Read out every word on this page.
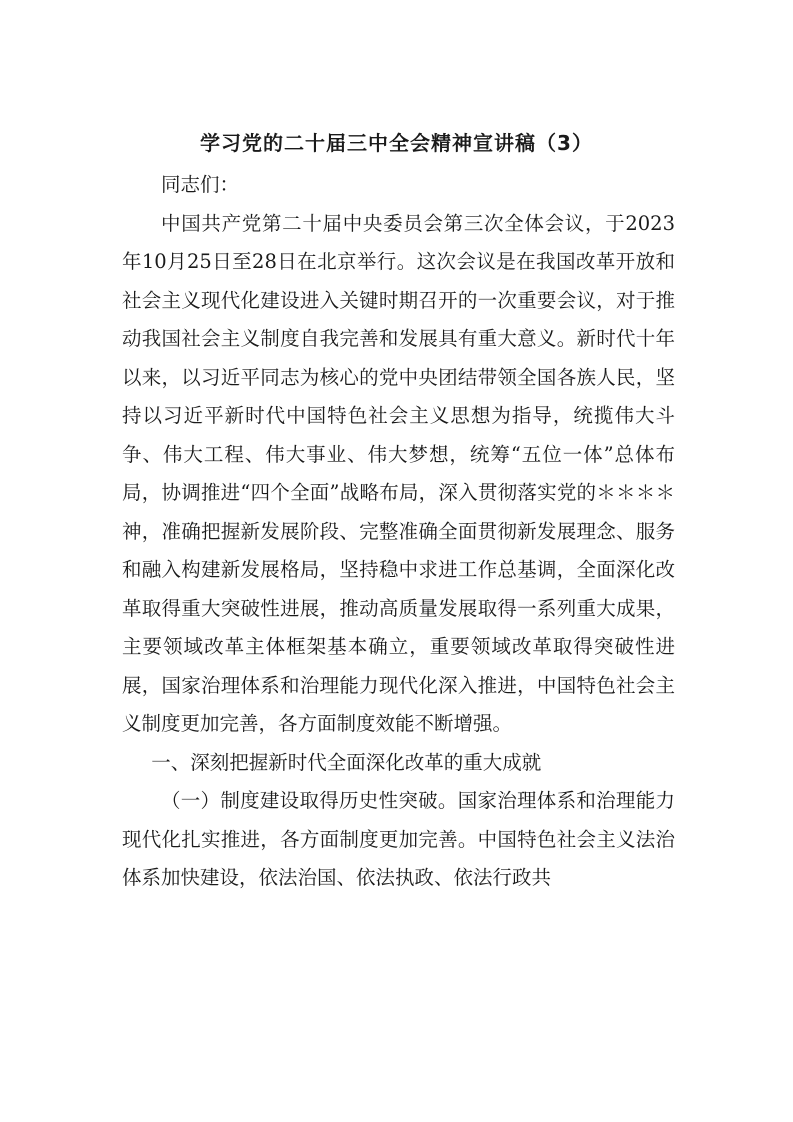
学习党的二十届三中全会精神宣讲稿（3）

同志们：

中国共产党第二十届中央委员会第三次全体会议，于2023年10月25日至28日在北京举行。这次会议是在我国改革开放和社会主义现代化建设进入关键时期召开的一次重要会议，对于推动我国社会主义制度自我完善和发展具有重大意义。新时代十年以来，以习近平同志为核心的党中央团结带领全国各族人民，坚持以习近平新时代中国特色社会主义思想为指导，统揽伟大斗争、伟大工程、伟大事业、伟大梦想，统筹“五位一体”总体布局，协调推进“四个全面”战略布局，深入贯彻落实党的＊＊＊＊神，准确把握新发展阶段、完整准确全面贯彻新发展理念、服务和融入构建新发展格局，坚持稳中求进工作总基调，全面深化改革取得重大突破性进展，推动高质量发展取得一系列重大成果，主要领域改革主体框架基本确立，重要领域改革取得突破性进展，国家治理体系和治理能力现代化深入推进，中国特色社会主义制度更加完善，各方面制度效能不断增强。

一、深刻把握新时代全面深化改革的重大成就

（一）制度建设取得历史性突破。国家治理体系和治理能力现代化扎实推进，各方面制度更加完善。中国特色社会主义法治体系加快建设，依法治国、依法执政、依法行政共
